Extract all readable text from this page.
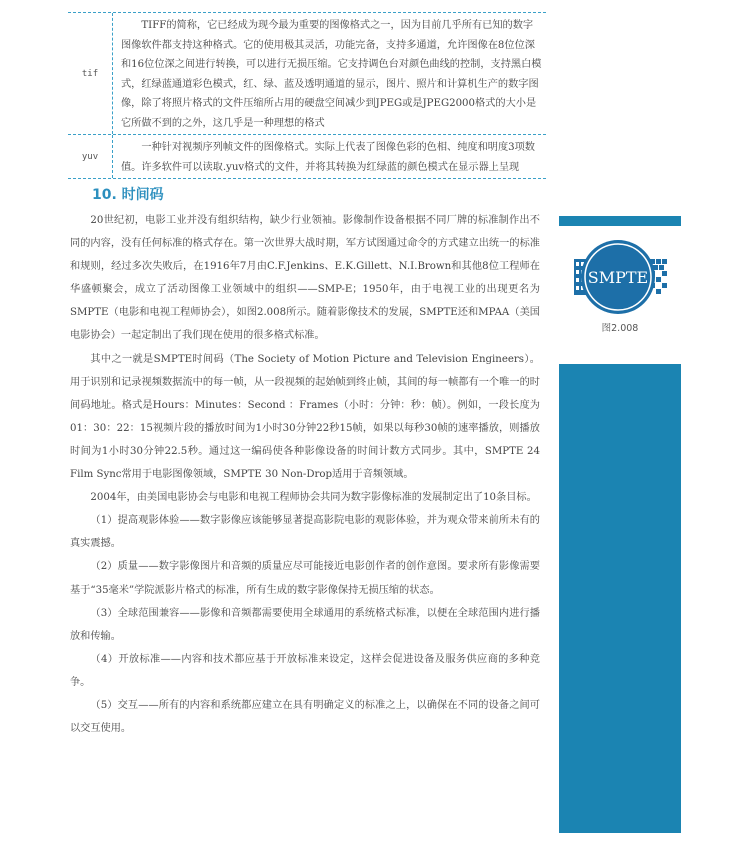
tif
TIFF的简称，它已经成为现今最为重要的图像格式之一，因为目前几乎所有已知的数字图像软件都支持这种格式。它的使用极其灵活，功能完备，支持多通道，允许图像在8位位深和16位位深之间进行转换，可以进行无损压缩。它支持调色台对颜色曲线的控制，支持黑白模式，红绿蓝通道彩色模式，红、绿、蓝及透明通道的显示，图片、照片和计算机生产的数字图像，除了将照片格式的文件压缩所占用的硬盘空间减少到JPEG或是JPEG2000格式的大小是它所做不到的之外，这几乎是一种理想的格式
yuv
一种针对视频序列帧文件的图像格式。实际上代表了图像色彩的色相、纯度和明度3项数值。许多软件可以读取.yuv格式的文件，并将其转换为红绿蓝的颜色模式在显示器上呈现
10. 时间码

20世纪初，电影工业并没有组织结构，缺少行业领袖。影像制作设备根据不同厂牌的标准制作出不同的内容，没有任何标准的格式存在。第一次世界大战时期，军方试图通过命令的方式建立出统一的标准和规则，经过多次失败后，在1916年7月由C.F.Jenkins、E.K.Gillett、N.I.Brown和其他8位工程师在华盛顿聚会，成立了活动图像工业领域中的组织——SMP-E；1950年，由于电视工业的出现更名为SMPTE（电影和电视工程师协会），如图2.008所示。随着影像技术的发展，SMPTE还和MPAA（美国电影协会）一起定制出了我们现在使用的很多格式标准。

其中之一就是SMPTE时间码（The Society of Motion Picture and Television Engineers）。用于识别和记录视频数据流中的每一帧，从一段视频的起始帧到终止帧，其间的每一帧都有一个唯一的时间码地址。格式是Hours：Minutes：Second ：Frames（小时：分钟：秒：帧）。例如，一段长度为01：30：22：15视频片段的播放时间为1小时30分钟22秒15帧，如果以每秒30帧的速率播放，则播放时间为1小时30分钟22.5秒。通过这一编码使各种影像设备的时间计数方式同步。其中，SMPTE 24 Film Sync常用于电影图像领域，SMPTE 30 Non-Drop适用于音频领域。

2004年，由美国电影协会与电影和电视工程师协会共同为数字影像标准的发展制定出了10条目标。

（1）提高观影体验——数字影像应该能够显著提高影院电影的观影体验，并为观众带来前所未有的真实震撼。

（2）质量——数字影像图片和音频的质量应尽可能接近电影创作者的创作意图。要求所有影像需要基于“35毫米”学院派影片格式的标准，所有生成的数字影像保持无损压缩的状态。

（3）全球范围兼容——影像和音频都需要使用全球通用的系统格式标准，以便在全球范围内进行播放和传输。

（4）开放标准——内容和技术都应基于开放标准来设定，这样会促进设备及服务供应商的多种竞争。

（5）交互——所有的内容和系统都应建立在具有明确定义的标准之上，以确保在不同的设备之间可以交互使用。

SMPTE
图2.008
